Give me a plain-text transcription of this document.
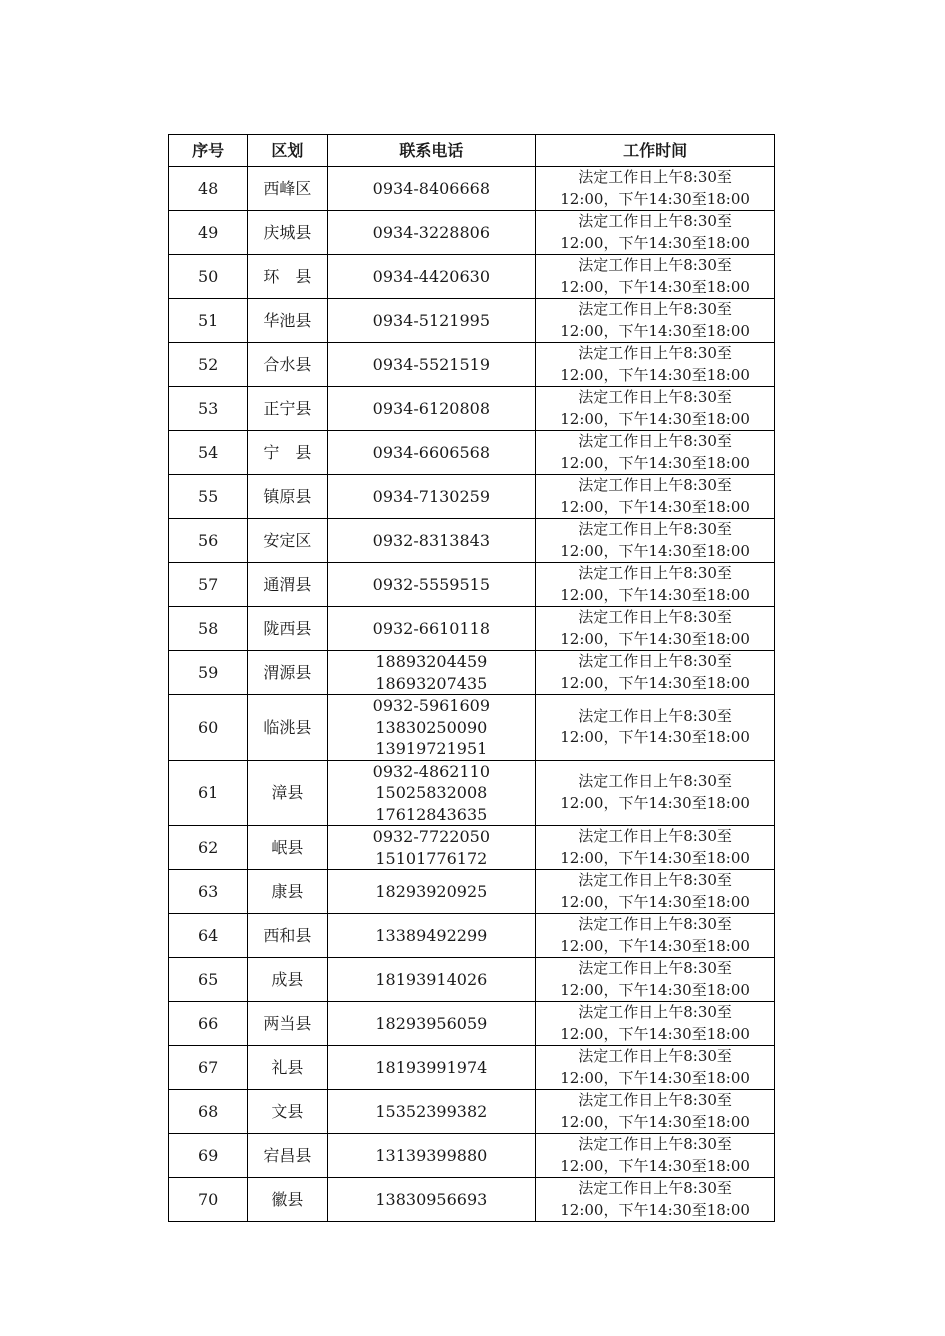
序号	区划	联系电话	工作时间
48	西峰区	0934-8406668	法定工作日上午8:30至
12:00，下午14:30至18:00

49	庆城县	0934-3228806	法定工作日上午8:30至
12:00，下午14:30至18:00

50	环　县	0934-4420630	法定工作日上午8:30至
12:00，下午14:30至18:00

51	华池县	0934-5121995	法定工作日上午8:30至
12:00，下午14:30至18:00

52	合水县	0934-5521519	法定工作日上午8:30至
12:00，下午14:30至18:00

53	正宁县	0934-6120808	法定工作日上午8:30至
12:00，下午14:30至18:00

54	宁　县	0934-6606568	法定工作日上午8:30至
12:00，下午14:30至18:00

55	镇原县	0934-7130259	法定工作日上午8:30至
12:00，下午14:30至18:00

56	安定区	0932-8313843	法定工作日上午8:30至
12:00，下午14:30至18:00

57	通渭县	0932-5559515	法定工作日上午8:30至
12:00，下午14:30至18:00

58	陇西县	0932-6610118	法定工作日上午8:30至
12:00，下午14:30至18:00

59	渭源县	18893204459
18693207435	法定工作日上午8:30至
12:00，下午14:30至18:00

60	临洮县	0932-5961609
13830250090
13919721951	法定工作日上午8:30至
12:00，下午14:30至18:00

61	漳县	0932-4862110
15025832008
17612843635	法定工作日上午8:30至
12:00，下午14:30至18:00

62	岷县	0932-7722050
15101776172	法定工作日上午8:30至
12:00，下午14:30至18:00

63	康县	18293920925	法定工作日上午8:30至
12:00，下午14:30至18:00

64	西和县	13389492299	法定工作日上午8:30至
12:00，下午14:30至18:00

65	成县	18193914026	法定工作日上午8:30至
12:00，下午14:30至18:00

66	两当县	18293956059	法定工作日上午8:30至
12:00，下午14:30至18:00

67	礼县	18193991974	法定工作日上午8:30至
12:00，下午14:30至18:00

68	文县	15352399382	法定工作日上午8:30至
12:00，下午14:30至18:00

69	宕昌县	13139399880	法定工作日上午8:30至
12:00，下午14:30至18:00

70	徽县	13830956693	法定工作日上午8:30至
12:00，下午14:30至18:00
